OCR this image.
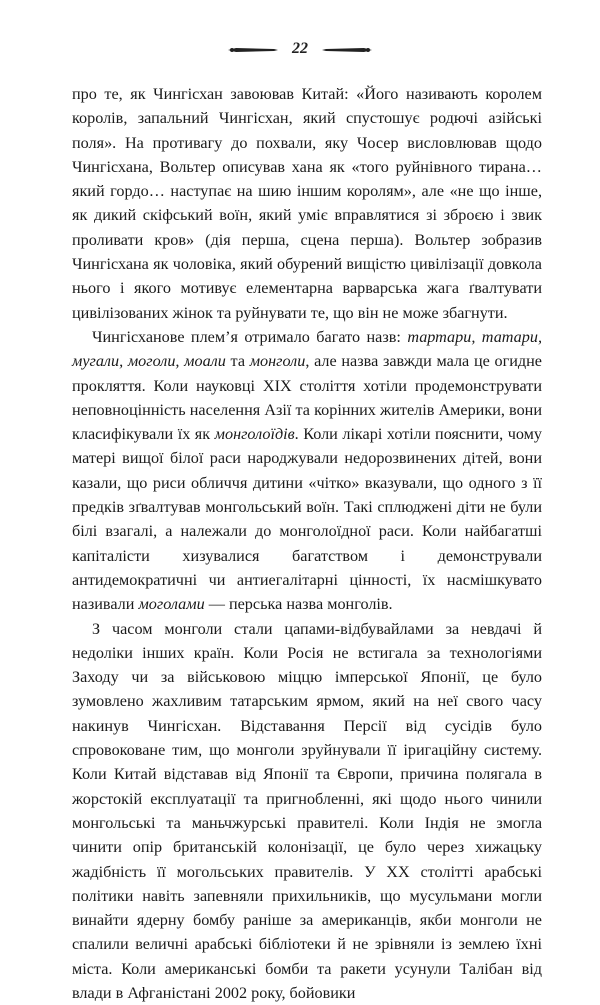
22

про те, як Чингісхан завоював Китай: «Його називають королем королів, запальний Чингісхан, який спустошує родючі азійські поля». На противагу до похвали, яку Чосер висловлював щодо Чингісхана, Вольтер описував хана як «того руйнівного тирана… який гордо… наступає на шию іншим королям», але «не що інше, як дикий скіфський воїн, який уміє вправлятися зі зброєю і звик проливати кров» (дія перша, сцена перша). Вольтер зобразив Чингісхана як чоловіка, який обурений вищістю цивілізації довкола нього і якого мотивує елементарна варварська жага ґвалтувати цивілізованих жінок та руйнувати те, що він не може збагнути.

Чингісханове плем’я отримало багато назв: тартари, татари, мугали, моголи, моали та монголи, але назва завжди мала це огидне прокляття. Коли науковці XIX століття хотіли продемонструвати неповноцінність населення Азії та корінних жителів Америки, вони класифікували їх як монголоїдів. Коли лікарі хотіли пояснити, чому матері вищої білої раси народжували недорозвинених дітей, вони казали, що риси обличчя дитини «чітко» вказували, що одного з її предків зґвалтував монгольський воїн. Такі сплюджені діти не були білі взагалі, а належали до монголоїдної раси. Коли найбагатші капіталісти хизувалися багатством і демонстрували антидемократичні чи антиегалітарні цінності, їх насмішкувато називали моголами — перська назва монголів.

З часом монголи стали цапами-відбувайлами за невдачі й недоліки інших країн. Коли Росія не встигала за технологіями Заходу чи за військовою міццю імперської Японії, це було зумовлено жахливим татарським ярмом, який на неї свого часу накинув Чингісхан. Відставання Персії від сусідів було спровоковане тим, що монголи зруйнували її іригаційну систему. Коли Китай відставав від Японії та Європи, причина полягала в жорстокій експлуатації та пригнобленні, які щодо нього чинили монгольські та маньчжурські правителі. Коли Індія не змогла чинити опір британській колонізації, це було через хижацьку жадібність її могольських правителів. У XX столітті арабські політики навіть запевняли прихильників, що мусульмани могли винайти ядерну бомбу раніше за американців, якби монголи не спалили величні арабські бібліотеки й не зрівняли із землею їхні міста. Коли американські бомби та ракети усунули Талібан від влади в Афганістані 2002 року, бойовики
